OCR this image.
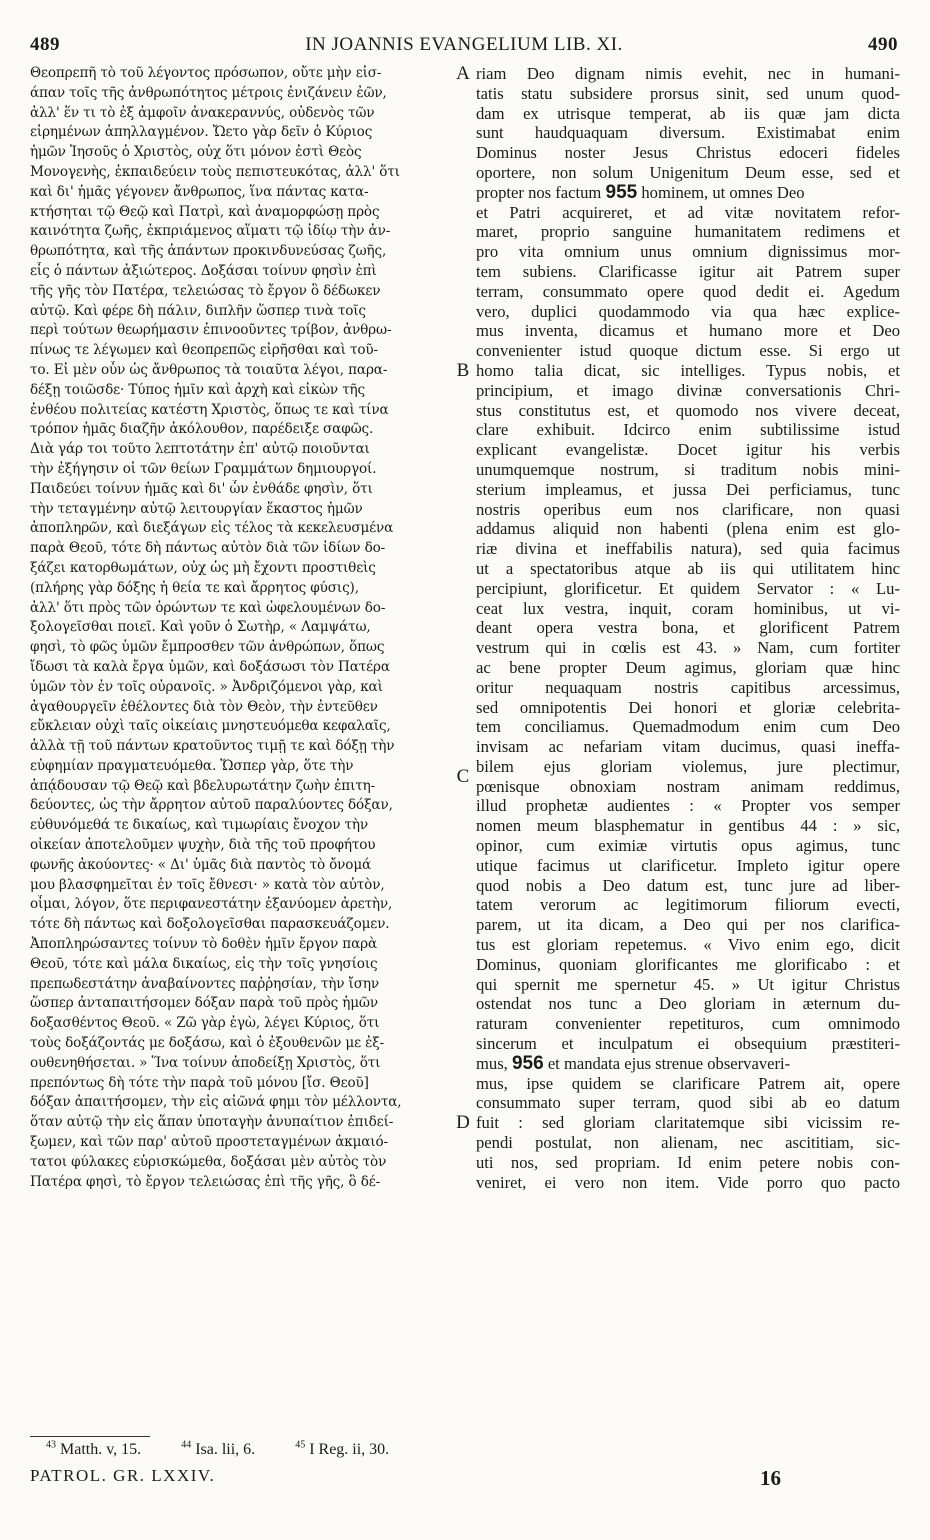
489	IN JOANNIS EVANGELIUM LIB. XI.	490
Θεοπρεπῆ τὸ τοῦ λέγοντος πρόσωπον, οὔτε μὴν εἰσ-
άπαν τοῖς τῆς ἀνθρωπότητος μέτροις ἐνιζάνειν ἐῶν,
ἀλλ' ἕν τι τὸ ἐξ ἀμφοῖν ἀνακεραννύς, οὐδενὸς τῶν
εἰρημένων ἀπηλλαγμένον. Ὤετο γὰρ δεῖν ὁ Κύριος
ἡμῶν Ἰησοῦς ὁ Χριστὸς, οὐχ ὅτι μόνον ἐστὶ Θεὸς
Μονογενὴς, ἐκπαιδεύειν τοὺς πεπιστευκότας, ἀλλ' ὅτι
καὶ δι' ἡμᾶς γέγονεν ἄνθρωπος, ἵνα πάντας κατα-
κτήσηται τῷ Θεῷ καὶ Πατρὶ, καὶ ἀναμορφώσῃ πρὸς
καινότητα ζωῆς, ἐκπριάμενος αἵματι τῷ ἰδίῳ τὴν ἀν-
θρωπότητα, καὶ τῆς ἁπάντων προκινδυνεύσας ζωῆς,
εἷς ὁ πάντων ἀξιώτερος. Δοξάσαι τοίνυν φησὶν ἐπὶ
τῆς γῆς τὸν Πατέρα, τελειώσας τὸ ἔργον ὃ δέδωκεν
αὐτῷ. Καὶ φέρε δὴ πάλιν, διπλῆν ὥσπερ τινὰ τοῖς
περὶ τούτων θεωρήμασιν ἐπινοοῦντες τρίβον, ἀνθρω-
πίνως τε λέγωμεν καὶ θεοπρεπῶς εἰρῆσθαι καὶ τοῦ-
το. Εἰ μὲν οὖν ὡς ἄνθρωπος τὰ τοιαῦτα λέγοι, παρα-
δέξῃ τοιῶσδε· Τύπος ἡμῖν καὶ ἀρχὴ καὶ εἰκὼν τῆς
ἐνθέου πολιτείας κατέστη Χριστὸς, ὅπως τε καὶ τίνα
τρόπον ἡμᾶς διαζῆν ἀκόλουθον, παρέδειξε σαφῶς.
Διὰ γάρ τοι τοῦτο λεπτοτάτην ἐπ' αὐτῷ ποιοῦνται
τὴν ἐξήγησιν οἱ τῶν θείων Γραμμάτων δημιουργοί.
Παιδεύει τοίνυν ἡμᾶς καὶ δι' ὧν ἐνθάδε φησὶν, ὅτι
τὴν τεταγμένην αὐτῷ λειτουργίαν ἕκαστος ἡμῶν
ἀποπληρῶν, καὶ διεξάγων εἰς τέλος τὰ κεκελευσμένα
παρὰ Θεοῦ, τότε δὴ πάντως αὐτὸν διὰ τῶν ἰδίων δο-
ξάζει κατορθωμάτων, οὐχ ὡς μὴ ἔχοντι προστιθεὶς
(πλήρης γὰρ δόξης ἡ θεία τε καὶ ἄρρητος φύσις),
ἀλλ' ὅτι πρὸς τῶν ὁρώντων τε καὶ ὠφελουμένων δο-
ξολογεῖσθαι ποιεῖ. Καὶ γοῦν ὁ Σωτὴρ, « Λαμψάτω,
φησὶ, τὸ φῶς ὑμῶν ἔμπροσθεν τῶν ἀνθρώπων, ὅπως
ἴδωσι τὰ καλὰ ἔργα ὑμῶν, καὶ δοξάσωσι τὸν Πατέρα
ὑμῶν τὸν ἐν τοῖς οὐρανοῖς. » Ἀνδριζόμενοι γὰρ, καὶ
ἀγαθουργεῖν ἐθέλοντες διὰ τὸν Θεὸν, τὴν ἐντεῦθεν
εὔκλειαν οὐχὶ ταῖς οἰκείαις μνηστευόμεθα κεφαλαῖς,
ἀλλὰ τῇ τοῦ πάντων κρατοῦντος τιμῇ τε καὶ δόξῃ τὴν
εὐφημίαν πραγματευόμεθα. Ὥσπερ γὰρ, ὅτε τὴν
ἀπᾴδουσαν τῷ Θεῷ καὶ βδελυρωτάτην ζωὴν ἐπιτη-
δεύοντες, ὡς τὴν ἄρρητον αὐτοῦ παραλύοντες δόξαν,
εὐθυνόμεθά τε δικαίως, καὶ τιμωρίαις ἔνοχον τὴν
οἰκείαν ἀποτελοῦμεν ψυχὴν, διὰ τῆς τοῦ προφήτου
φωνῆς ἀκούοντες· « Δι' ὑμᾶς διὰ παντὸς τὸ ὄνομά
μου βλασφημεῖται ἐν τοῖς ἔθνεσι· » κατὰ τὸν αὐτὸν,
οἶμαι, λόγον, ὅτε περιφανεστάτην ἐξανύομεν ἀρετὴν,
τότε δὴ πάντως καὶ δοξολογεῖσθαι παρασκευάζομεν.
Ἀποπληρώσαντες τοίνυν τὸ δοθὲν ἡμῖν ἔργον παρὰ
Θεοῦ, τότε καὶ μάλα δικαίως, εἰς τὴν τοῖς γνησίοις
πρεπωδεστάτην ἀναβαίνοντες παῤῥησίαν, τὴν ἴσην
ὥσπερ ἀνταπαιτήσομεν δόξαν παρὰ τοῦ πρὸς ἡμῶν
δοξασθέντος Θεοῦ. « Ζῶ γὰρ ἐγὼ, λέγει Κύριος, ὅτι
τοὺς δοξάζοντάς με δοξάσω, καὶ ὁ ἐξουθενῶν με ἐξ-
ουθενηθήσεται. » Ἵνα τοίνυν ἀποδείξῃ Χριστὸς, ὅτι
πρεπόντως δὴ τότε τὴν παρὰ τοῦ μόνου [ἴσ. Θεοῦ]
δόξαν ἀπαιτήσομεν, τὴν εἰς αἰῶνά φημι τὸν μέλλοντα,
ὅταν αὐτῷ τὴν εἰς ἅπαν ὑποταγὴν ἀνυπαίτιον ἐπιδεί-
ξωμεν, καὶ τῶν παρ' αὐτοῦ προστεταγμένων ἀκμαιό-
τατοι φύλακες εὑρισκώμεθα, δοξάσαι μὲν αὐτὸς τὸν
Πατέρα φησὶ, τὸ ἔργον τελειώσας ἐπὶ τῆς γῆς, ὃ δέ-
riam Deo dignam nimis evehit, nec in humani-
tatis statu subsidere prorsus sinit, sed unum quod-
dam ex utrisque temperat, ab iis quæ jam dicta
sunt haudquaquam diversum. Existimabat enim
Dominus noster Jesus Christus edoceri fideles
oportere, non solum Unigenitum Deum esse, sed et
propter nos factum 955 hominem, ut omnes Deo
et Patri acquireret, et ad vitæ novitatem refor-
maret, proprio sanguine humanitatem redimens et
pro vita omnium unus omnium dignissimus mor-
tem subiens. Clarificasse igitur ait Patrem super
terram, consummato opere quod dedit ei. Agedum
vero, duplici quodammodo via qua hæc explice-
mus inventa, dicamus et humano more et Deo
convenienter istud quoque dictum esse. Si ergo ut
homo talia dicat, sic intelliges. Typus nobis, et
principium, et imago divinæ conversationis Chri-
stus constitutus est, et quomodo nos vivere deceat,
clare exhibuit. Idcirco enim subtilissime istud
explicant evangelistæ. Docet igitur his verbis
unumquemque nostrum, si traditum nobis mini-
sterium impleamus, et jussa Dei perficiamus, tunc
nostris operibus eum nos clarificare, non quasi
addamus aliquid non habenti (plena enim est glo-
riæ divina et ineffabilis natura), sed quia facimus
ut a spectatoribus atque ab iis qui utilitatem hinc
percipiunt, glorificetur. Et quidem Servator : « Lu-
ceat lux vestra, inquit, coram hominibus, ut vi-
deant opera vestra bona, et glorificent Patrem
vestrum qui in cœlis est 43. » Nam, cum fortiter
ac bene propter Deum agimus, gloriam quæ hinc
oritur nequaquam nostris capitibus arcessimus,
sed omnipotentis Dei honori et gloriæ celebrita-
tem conciliamus. Quemadmodum enim cum Deo
invisam ac nefariam vitam ducimus, quasi ineffa-
bilem ejus gloriam violemus, jure plectimur,
pœnisque obnoxiam nostram animam reddimus,
illud prophetæ audientes : « Propter vos semper
nomen meum blasphematur in gentibus 44 : » sic,
opinor, cum eximiæ virtutis opus agimus, tunc
utique facimus ut clarificetur. Impleto igitur opere
quod nobis a Deo datum est, tunc jure ad liber-
tatem verorum ac legitimorum filiorum evecti,
parem, ut ita dicam, a Deo qui per nos clarifica-
tus est gloriam repetemus. « Vivo enim ego, dicit
Dominus, quoniam glorificantes me glorificabo : et
qui spernit me spernetur 45. » Ut igitur Christus
ostendat nos tunc a Deo gloriam in æternum du-
raturam convenienter repetituros, cum omnimodo
sincerum et inculpatum ei obsequium præstiteri-
mus, 956 et mandata ejus strenue observaveri-
mus, ipse quidem se clarificare Patrem ait, opere
consummato super terram, quod sibi ab eo datum
fuit : sed gloriam claritatemque sibi vicissim re-
pendi postulat, non alienam, nec ascititiam, sic-
uti nos, sed propriam. Id enim petere nobis con-
veniret, ei vero non item. Vide porro quo pacto
A
B
C
D
$^{43}$ Matth. v, 15.	$^{44}$ Isa. lii, 6.	$^{45}$ I Reg. ii, 30.
PATROL. GR. LXXIV.	16
